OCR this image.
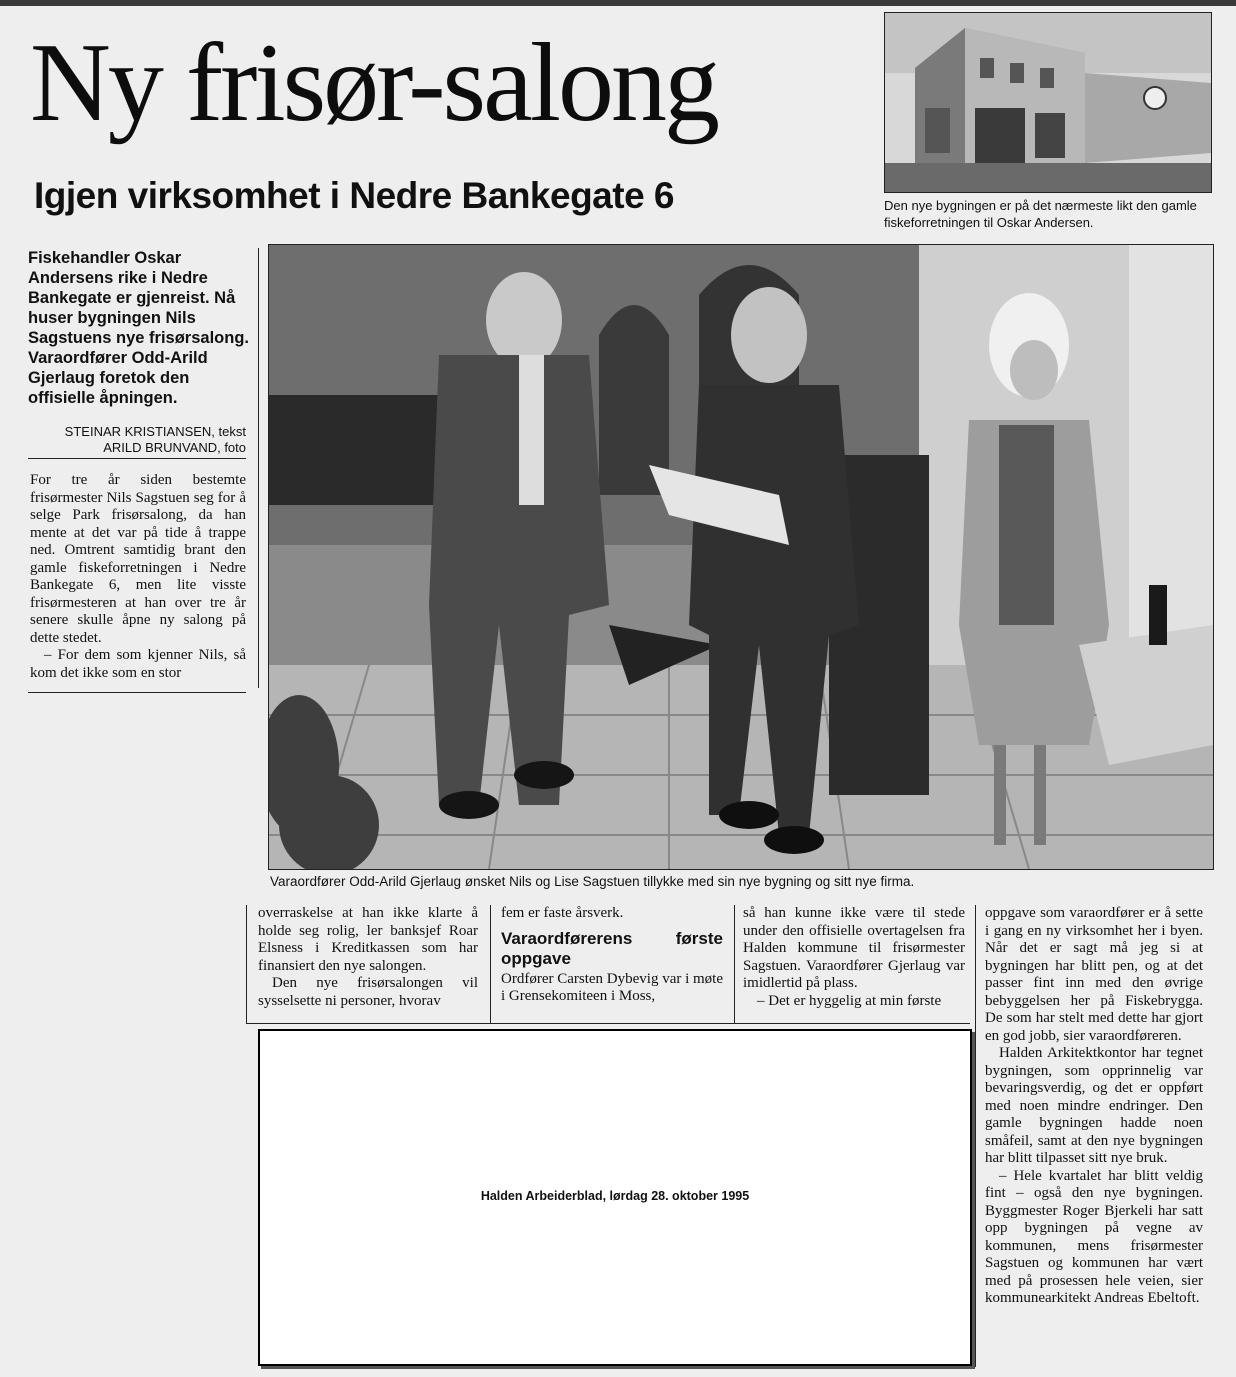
Ny frisør-salong
Igjen virksomhet i Nedre Bankegate 6	Den nye bygningen er på det nærmeste likt den gamle fiskeforretningen til Oskar Andersen.
Varaordfører Odd-Arild Gjerlaug ønsket Nils og Lise Sagstuen tillykke med sin nye bygning og sitt nye firma.
Fiskehandler Oskar Andersens rike i Nedre Bankegate er gjenreist. Nå huser bygningen Nils Sagstuens nye frisørsalong. Varaordfører Odd-Arild Gjerlaug foretok den offisielle åpningen.
STEINAR KRISTIANSEN, tekst
ARILD BRUNVAND, foto

For tre år siden bestemte frisørmester Nils Sagstuen seg for å selge Park frisørsalong, da han mente at det var på tide å trappe ned. Omtrent samtidig brant den gamle fiskeforretningen i Nedre Bankegate 6, men lite visste frisørmesteren at han over tre år senere skulle åpne ny salong på dette stedet.

– For dem som kjenner Nils, så kom det ikke som en stor

overraskelse at han ikke klarte å holde seg rolig, ler banksjef Roar Elsness i Kreditkassen som har finansiert den nye salongen.

Den nye frisørsalongen vil sysselsette ni personer, hvorav

fem er faste årsverk.

Varaordførerens første oppgave

Ordfører Carsten Dybevig var i møte i Grensekomiteen i Moss,

så han kunne ikke være til stede under den offisielle overtagelsen fra Halden kommune til frisørmester Sagstuen. Varaordfører Gjerlaug var imidlertid på plass.

– Det er hyggelig at min første

oppgave som varaordfører er å sette i gang en ny virksomhet her i byen. Når det er sagt må jeg si at bygningen har blitt pen, og at det passer fint inn med den øvrige bebyggelsen her på Fiskebrygga. De som har stelt med dette har gjort en god jobb, sier varaordføreren.

Halden Arkitektkontor har tegnet bygningen, som opprinnelig var bevaringsverdig, og det er oppført med noen mindre endringer. Den gamle bygningen hadde noen småfeil, samt at den nye bygningen har blitt tilpasset sitt nye bruk.

– Hele kvartalet har blitt veldig fint – også den nye bygningen. Byggmester Roger Bjerkeli har satt opp bygningen på vegne av kommunen, mens frisørmester Sagstuen og kommunen har vært med på prosessen hele veien, sier kommunearkitekt Andreas Ebeltoft.

Halden Arbeiderblad, lørdag 28. oktober 1995
